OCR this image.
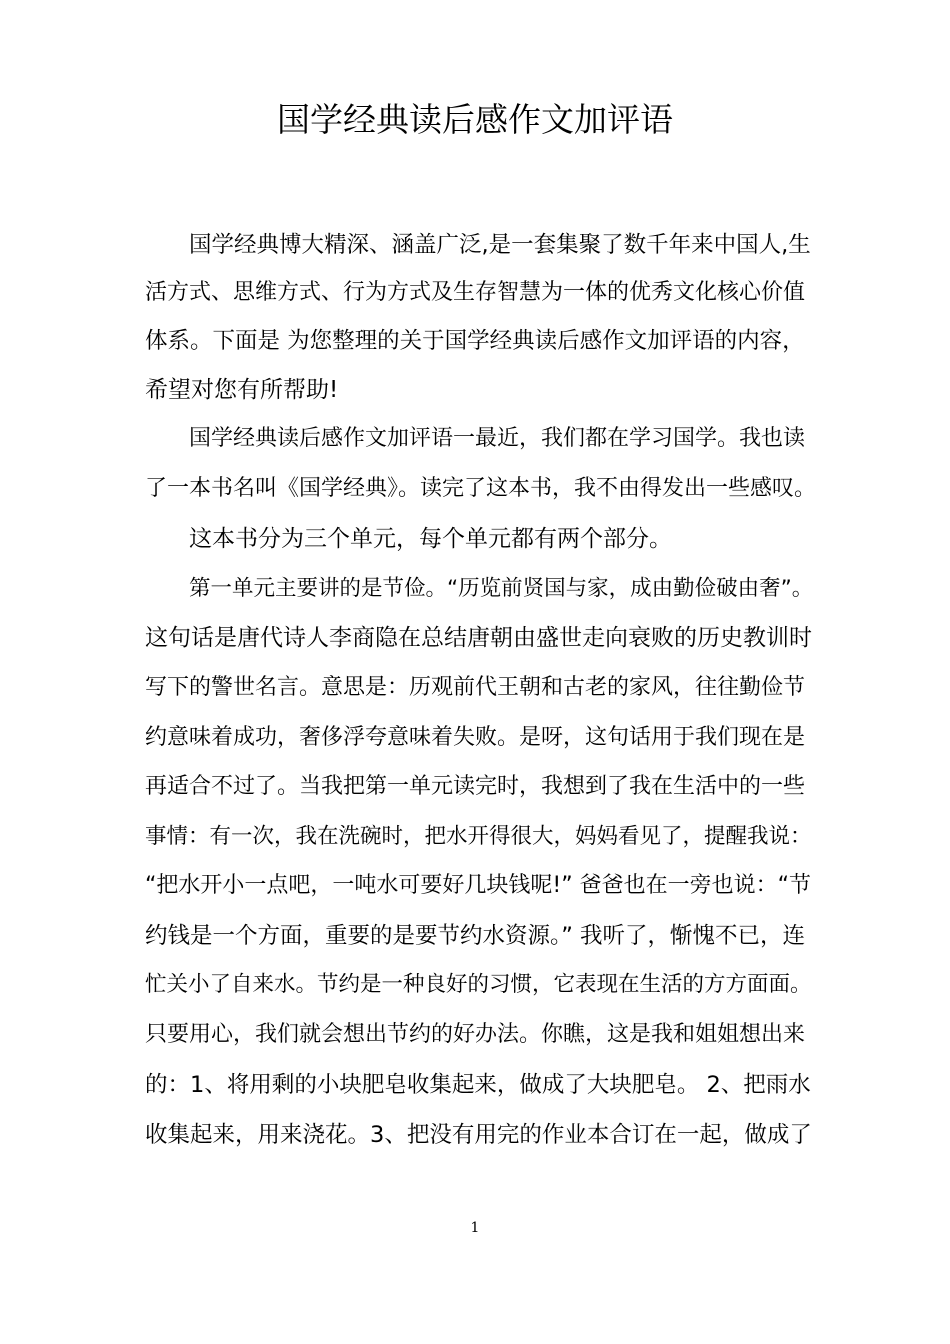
国学经典读后感作文加评语

国学经典博大精深、涵盖广泛,是一套集聚了数千年来中国人,生

活方式、思维方式、行为方式及生存智慧为一体的优秀文化核心价值

体系。下面是 为您整理的关于国学经典读后感作文加评语的内容，

希望对您有所帮助!

国学经典读后感作文加评语一最近，我们都在学习国学。我也读

了一本书名叫《国学经典》。读完了这本书，我不由得发出一些感叹。

这本书分为三个单元，每个单元都有两个部分。

第一单元主要讲的是节俭。“历览前贤国与家，成由勤俭破由奢”。

这句话是唐代诗人李商隐在总结唐朝由盛世走向衰败的历史教训时

写下的警世名言。意思是：历观前代王朝和古老的家风，往往勤俭节

约意味着成功，奢侈浮夸意味着失败。是呀，这句话用于我们现在是

再适合不过了。当我把第一单元读完时，我想到了我在生活中的一些

事情：有一次，我在洗碗时，把水开得很大，妈妈看见了，提醒我说：

“把水开小一点吧，一吨水可要好几块钱呢!” 爸爸也在一旁也说：“节

约钱是一个方面，重要的是要节约水资源。” 我听了，惭愧不已，连

忙关小了自来水。节约是一种良好的习惯，它表现在生活的方方面面。

只要用心，我们就会想出节约的好办法。你瞧，这是我和姐姐想出来

的：1、将用剩的小块肥皂收集起来，做成了大块肥皂。 2、把雨水

收集起来，用来浇花。3、把没有用完的作业本合订在一起，做成了

1
